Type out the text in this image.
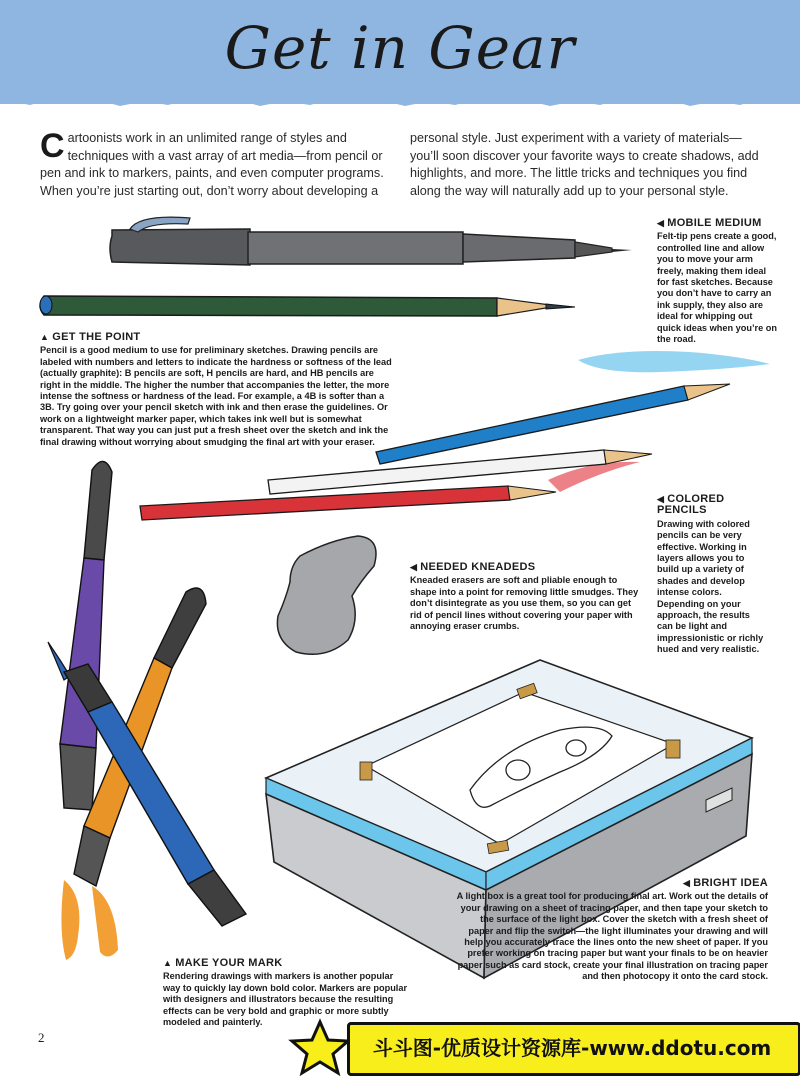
Get in Gear
Cartoonists work in an unlimited range of styles and techniques with a vast array of art media—from pencil or pen and ink to markers, paints, and even computer programs. When you’re just starting out, don’t worry about developing a
personal style. Just experiment with a variety of materials—you’ll soon discover your favorite ways to create shadows, add highlights, and more. The little tricks and techniques you find along the way will naturally add up to your personal style.
◀ MOBILE MEDIUM
Felt-tip pens create a good, controlled line and allow you to move your arm freely, making them ideal for fast sketches. Because you don’t have to carry an ink supply, they also are ideal for whipping out quick ideas when you’re on the road.
▲ GET THE POINT
Pencil is a good medium to use for preliminary sketches. Drawing pencils are labeled with numbers and letters to indicate the hardness or softness of the lead (actually graphite): B pencils are soft, H pencils are hard, and HB pencils are right in the middle. The higher the number that accompanies the letter, the more intense the softness or hardness of the lead. For example, a 4B is softer than a 3B. Try going over your pencil sketch with ink and then erase the guidelines. Or work on a lightweight marker paper, which takes ink well but is somewhat transparent. That way you can just put a fresh sheet over the sketch and ink the final drawing without worrying about smudging the final art with your eraser.
◀ COLORED PENCILS
Drawing with colored pencils can be very effective. Working in layers allows you to build up a variety of shades and develop intense colors. Depending on your approach, the results can be light and impressionistic or richly hued and very realistic.
◀ NEEDED KNEADEDS
Kneaded erasers are soft and pliable enough to shape into a point for removing little smudges. They don’t disintegrate as you use them, so you can get rid of pencil lines without covering your paper with annoying eraser crumbs.
◀ BRIGHT IDEA
A light box is a great tool for producing final art. Work out the details of your drawing on a sheet of tracing paper, and then tape your sketch to the surface of the light box. Cover the sketch with a fresh sheet of paper and flip the switch—the light illuminates your drawing and will help you accurately trace the lines onto the new sheet of paper. If you prefer working on tracing paper but want your finals to be on heavier paper such as card stock, create your final illustration on tracing paper and then photocopy it onto the card stock.
▲ MAKE YOUR MARK
Rendering drawings with markers is another popular way to quickly lay down bold color. Markers are popular with designers and illustrators because the resulting effects can be very bold and graphic or more subtly modeled and painterly.
2	斗斗图-优质设计资源库-www.ddotu.com
